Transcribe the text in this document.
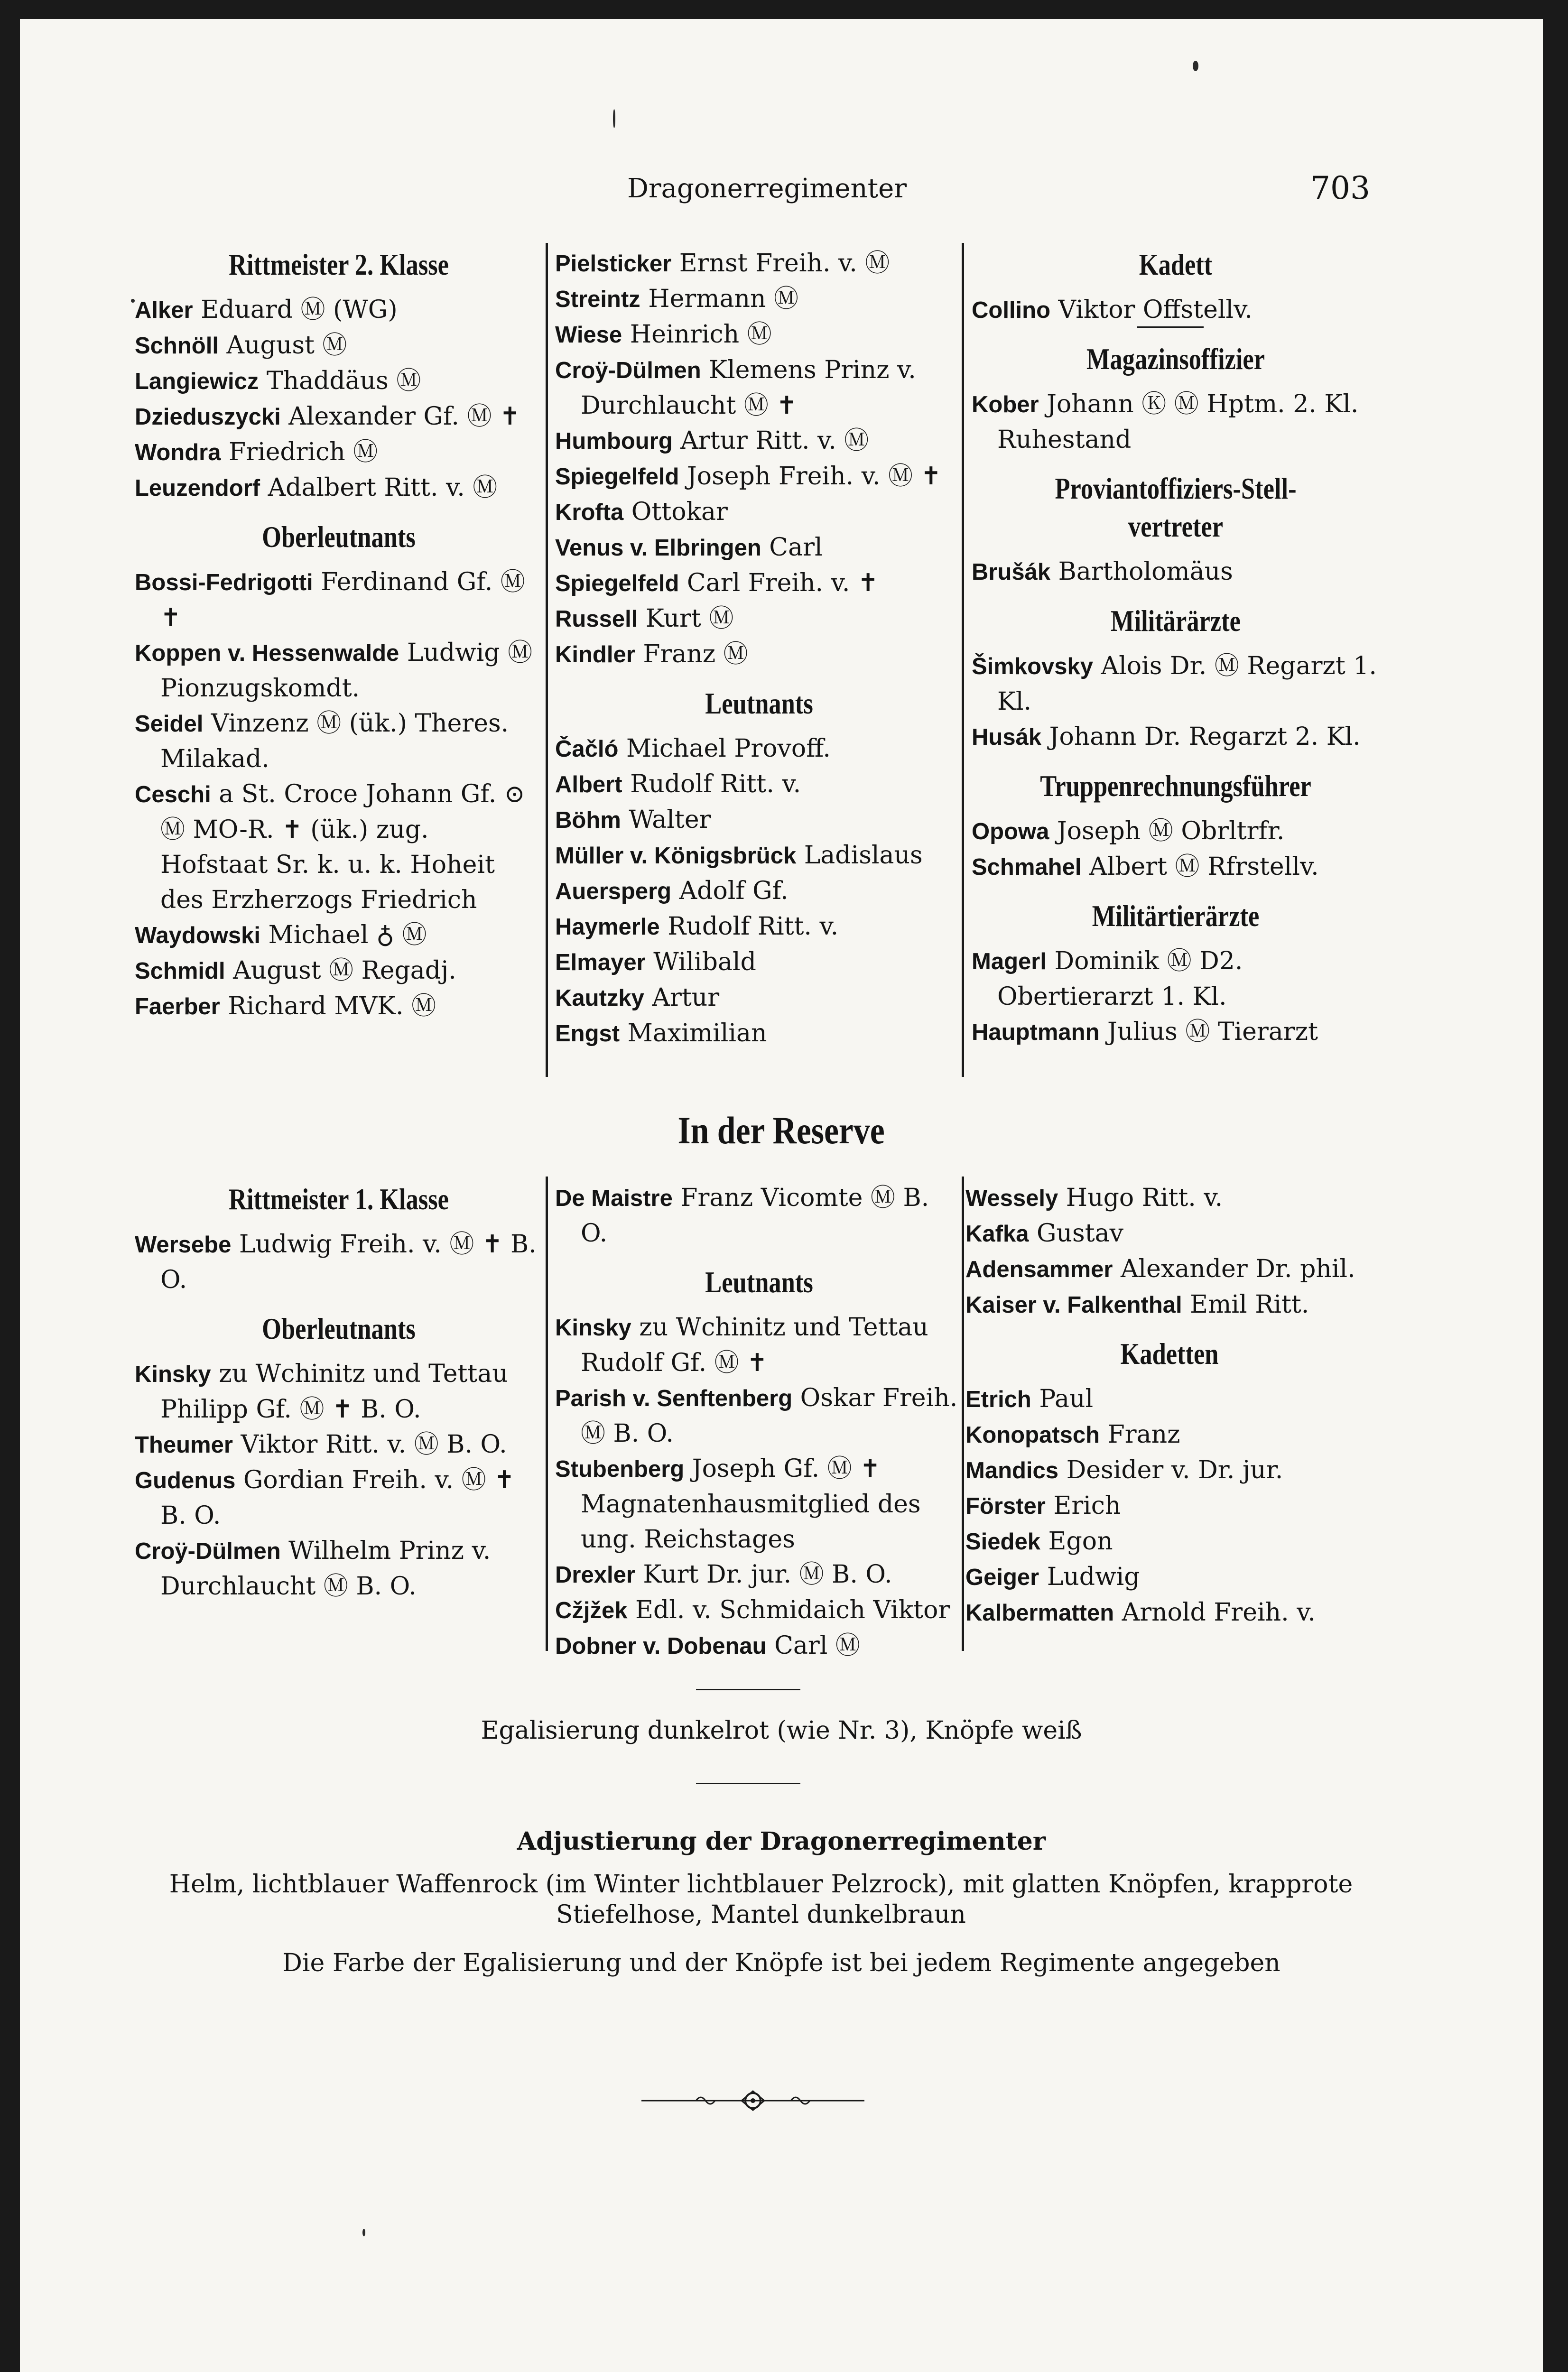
Dragonerregimenter	703
Rittmeister 2. Klasse

Alker Eduard Ⓜ (WG)

Schnöll August Ⓜ

Langiewicz Thaddäus Ⓜ

Dzieduszycki Alexander Gf. Ⓜ ✝

Wondra Friedrich Ⓜ

Leuzendorf Adalbert Ritt. v. Ⓜ

Oberleutnants

Bossi-Fedrigotti Ferdinand Gf. Ⓜ ✝

Koppen v. Hessenwalde Ludwig Ⓜ Pionzugskomdt.

Seidel Vinzenz Ⓜ (ük.) Theres. Milakad.

Ceschi a St. Croce Johann Gf. ⊙ Ⓜ MO-R. ✝ (ük.) zug. Hofstaat Sr. k. u. k. Hoheit des Erzherzogs Friedrich

Waydowski Michael ♁ Ⓜ

Schmidl August Ⓜ Regadj.

Faerber Richard MVK. Ⓜ

Pielsticker Ernst Freih. v. Ⓜ

Streintz Hermann Ⓜ

Wiese Heinrich Ⓜ

Croÿ-Dülmen Klemens Prinz v. Durchlaucht Ⓜ ✝

Humbourg Artur Ritt. v. Ⓜ

Spiegelfeld Joseph Freih. v. Ⓜ ✝

Krofta Ottokar

Venus v. Elbringen Carl

Spiegelfeld Carl Freih. v. ✝

Russell Kurt Ⓜ

Kindler Franz Ⓜ

Leutnants

Čačló Michael Provoff.

Albert Rudolf Ritt. v.

Böhm Walter

Müller v. Königsbrück Ladislaus

Auersperg Adolf Gf.

Haymerle Rudolf Ritt. v.

Elmayer Wilibald

Kautzky Artur

Engst Maximilian

Kadett

Collino Viktor Offstellv.

Magazinsoffizier

Kober Johann Ⓚ Ⓜ Hptm. 2. Kl. Ruhestand

Proviantoffiziers-Stell-vertreter

Brušák Bartholomäus

Militärärzte

Šimkovsky Alois Dr. Ⓜ Regarzt 1. Kl.

Husák Johann Dr. Regarzt 2. Kl.

Truppenrechnungsführer

Opowa Joseph Ⓜ Obrltrfr.

Schmahel Albert Ⓜ Rfrstellv.

Militärtierärzte

Magerl Dominik Ⓜ D2. Obertierarzt 1. Kl.

Hauptmann Julius Ⓜ Tierarzt

In der Reserve
Rittmeister 1. Klasse

Wersebe Ludwig Freih. v. Ⓜ ✝ B. O.

Oberleutnants

Kinsky zu Wchinitz und Tettau Philipp Gf. Ⓜ ✝ B. O.

Theumer Viktor Ritt. v. Ⓜ B. O.

Gudenus Gordian Freih. v. Ⓜ ✝ B. O.

Croÿ-Dülmen Wilhelm Prinz v. Durchlaucht Ⓜ B. O.

De Maistre Franz Vicomte Ⓜ B. O.

Leutnants

Kinsky zu Wchinitz und Tettau Rudolf Gf. Ⓜ ✝

Parish v. Senftenberg Oskar Freih. Ⓜ B. O.

Stubenberg Joseph Gf. Ⓜ ✝ Magnatenhausmitglied des ung. Reichstages

Drexler Kurt Dr. jur. Ⓜ B. O.

Cžjžek Edl. v. Schmidaich Viktor

Dobner v. Dobenau Carl Ⓜ

Wessely Hugo Ritt. v.

Kafka Gustav

Adensammer Alexander Dr. phil.

Kaiser v. Falkenthal Emil Ritt.

Kadetten

Etrich Paul

Konopatsch Franz

Mandics Desider v. Dr. jur.

Förster Erich

Siedek Egon

Geiger Ludwig

Kalbermatten Arnold Freih. v.

Egalisierung dunkelrot (wie Nr. 3), Knöpfe weiß
Adjustierung der Dragonerregimenter
Helm, lichtblauer Waffenrock (im Winter lichtblauer Pelzrock), mit glatten Knöpfen, krapprote Stiefelhose, Mantel dunkelbraun
Die Farbe der Egalisierung und der Knöpfe ist bei jedem Regimente angegeben
